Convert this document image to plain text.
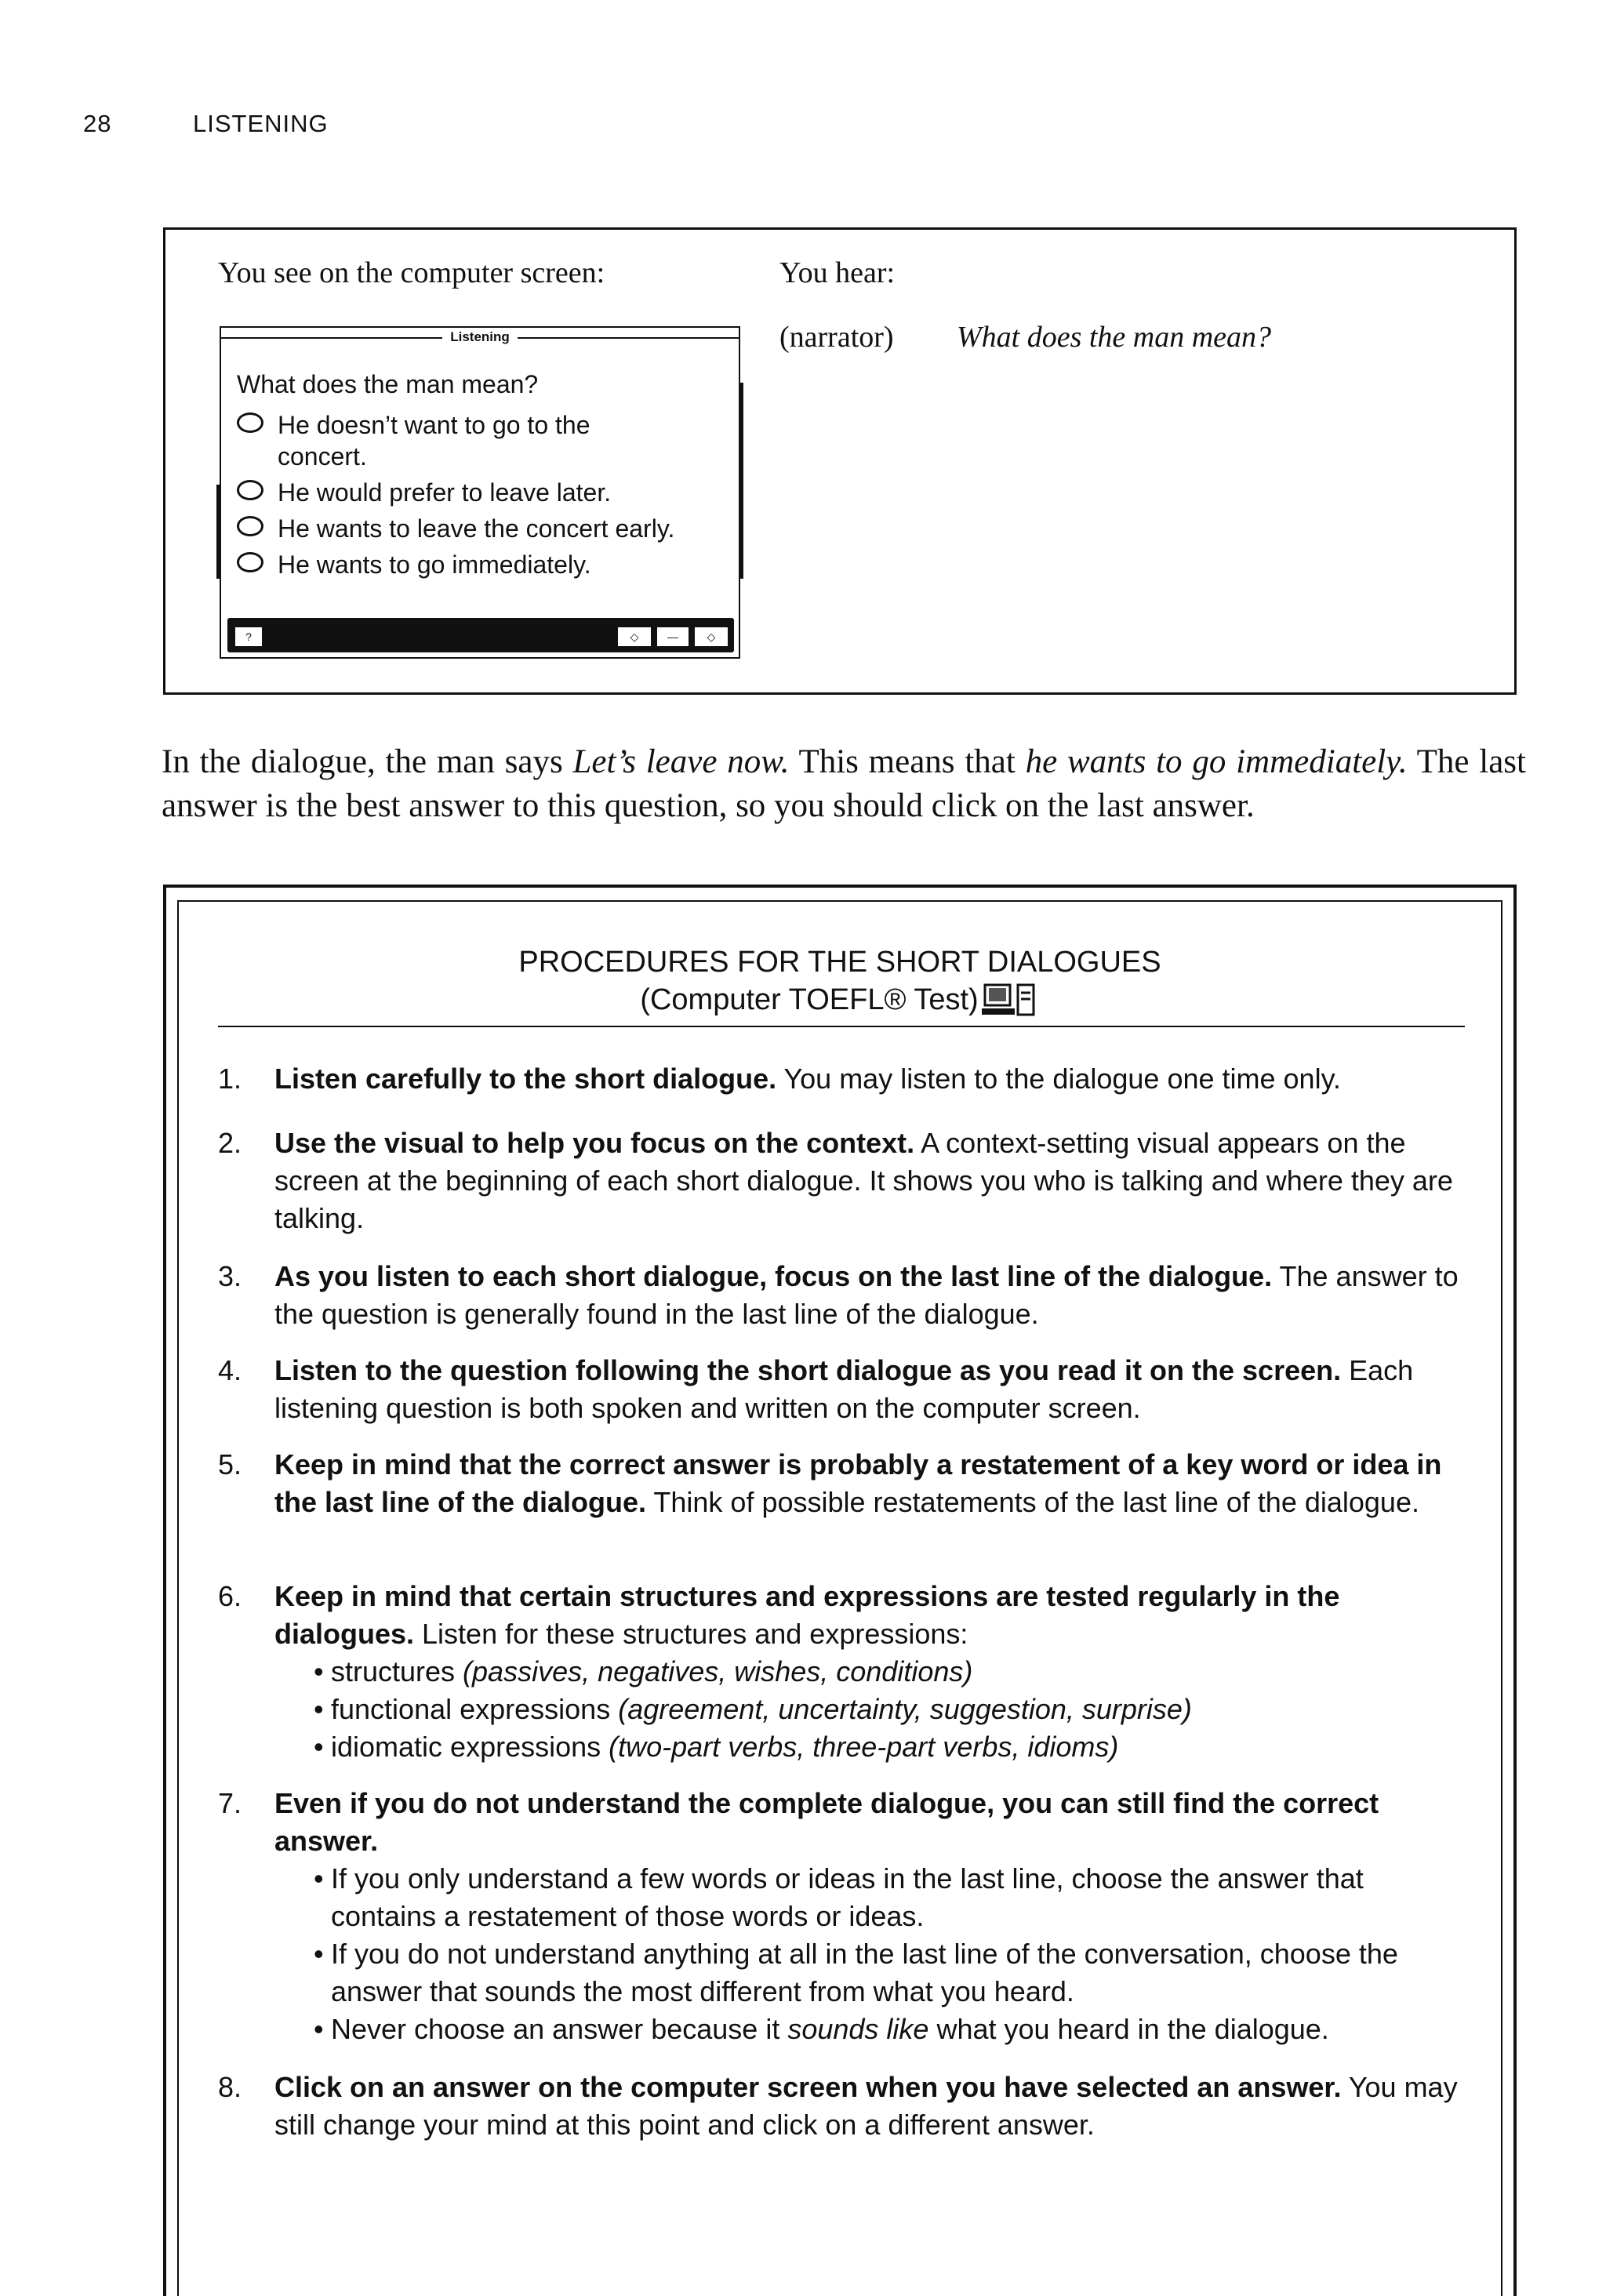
28	LISTENING
You see on the computer screen:	You hear:
(narrator) What does the man mean?
Listening
What does the man mean?
He doesn’t want to go to the concert.
He would prefer to leave later.
He wants to leave the concert early.
He wants to go immediately.
?	◇	—	◇
In the dialogue, the man says Let’s leave now. This means that he wants to go immediately. The last answer is the best answer to this question, so you should click on the last answer.
PROCEDURES FOR THE SHORT DIALOGUES
(Computer TOEFL® Test)
1. Listen carefully to the short dialogue. You may listen to the dialogue one time only.
2. Use the visual to help you focus on the context. A context-setting visual appears on the screen at the beginning of each short dialogue. It shows you who is talking and where they are talking.
3. As you listen to each short dialogue, focus on the last line of the dialogue. The answer to the question is generally found in the last line of the dialogue.
4. Listen to the question following the short dialogue as you read it on the screen. Each listening question is both spoken and written on the computer screen.
5. Keep in mind that the correct answer is probably a restatement of a key word or idea in the last line of the dialogue. Think of possible restatements of the last line of the dialogue.
6. Keep in mind that certain structures and expressions are tested regularly in the dialogues. Listen for these structures and expressions:
• structures (passives, negatives, wishes, conditions)
• functional expressions (agreement, uncertainty, suggestion, surprise)
• idiomatic expressions (two-part verbs, three-part verbs, idioms)
7. Even if you do not understand the complete dialogue, you can still find the correct answer.
• If you only understand a few words or ideas in the last line, choose the answer that contains a restatement of those words or ideas.
• If you do not understand anything at all in the last line of the conversation, choose the answer that sounds the most different from what you heard.
• Never choose an answer because it sounds like what you heard in the dialogue.
8. Click on an answer on the computer screen when you have selected an answer. You may still change your mind at this point and click on a different answer.
